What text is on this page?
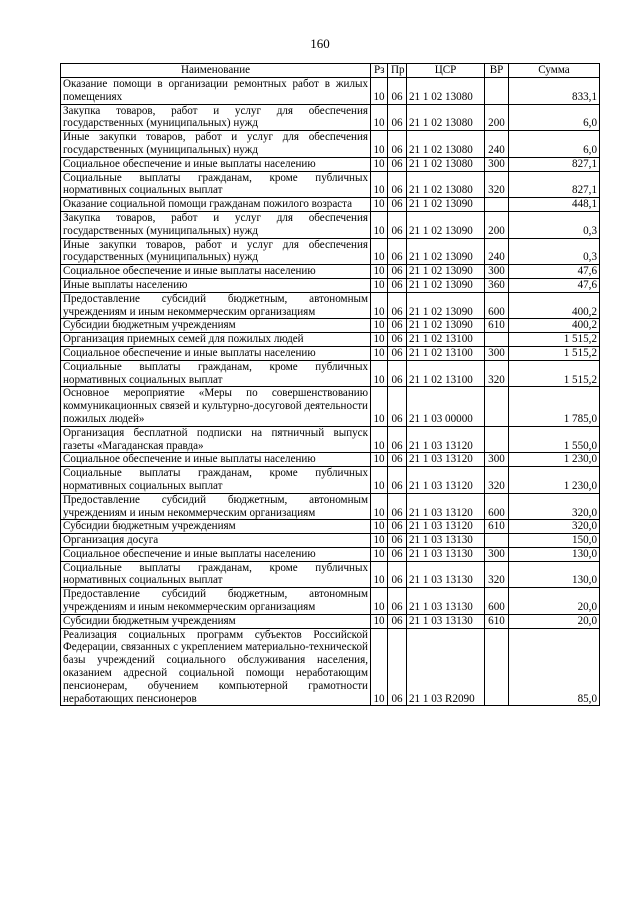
160
Наименование	Рз	Пр	ЦСР	ВР	Сумма
Оказание помощи в организации ремонтных работ в жилых помещениях	10	06	21 1 02 13080		833,1
Закупка товаров, работ и услуг для обеспечения государственных (муниципальных) нужд	10	06	21 1 02 13080	200	6,0
Иные закупки товаров, работ и услуг для обеспечения государственных (муниципальных) нужд	10	06	21 1 02 13080	240	6,0
Социальное обеспечение и иные выплаты населению	10	06	21 1 02 13080	300	827,1
Социальные выплаты гражданам, кроме публичных нормативных социальных выплат	10	06	21 1 02 13080	320	827,1
Оказание социальной помощи гражданам пожилого возраста	10	06	21 1 02 13090		448,1
Закупка товаров, работ и услуг для обеспечения государственных (муниципальных) нужд	10	06	21 1 02 13090	200	0,3
Иные закупки товаров, работ и услуг для обеспечения государственных (муниципальных) нужд	10	06	21 1 02 13090	240	0,3
Социальное обеспечение и иные выплаты населению	10	06	21 1 02 13090	300	47,6
Иные выплаты населению	10	06	21 1 02 13090	360	47,6
Предоставление субсидий бюджетным, автономным учреждениям и иным некоммерческим организациям	10	06	21 1 02 13090	600	400,2
Субсидии бюджетным учреждениям	10	06	21 1 02 13090	610	400,2
Организация приемных семей для пожилых людей	10	06	21 1 02 13100		1 515,2
Социальное обеспечение и иные выплаты населению	10	06	21 1 02 13100	300	1 515,2
Социальные выплаты гражданам, кроме публичных нормативных социальных выплат	10	06	21 1 02 13100	320	1 515,2
Основное мероприятие «Меры по совершенствованию коммуникационных связей и культурно-досуговой деятельности пожилых людей»	10	06	21 1 03 00000		1 785,0
Организация бесплатной подписки на пятничный выпуск газеты «Магаданская правда»	10	06	21 1 03 13120		1 550,0
Социальное обеспечение и иные выплаты населению	10	06	21 1 03 13120	300	1 230,0
Социальные выплаты гражданам, кроме публичных нормативных социальных выплат	10	06	21 1 03 13120	320	1 230,0
Предоставление субсидий бюджетным, автономным учреждениям и иным некоммерческим организациям	10	06	21 1 03 13120	600	320,0
Субсидии бюджетным учреждениям	10	06	21 1 03 13120	610	320,0
Организация досуга	10	06	21 1 03 13130		150,0
Социальное обеспечение и иные выплаты населению	10	06	21 1 03 13130	300	130,0
Социальные выплаты гражданам, кроме публичных нормативных социальных выплат	10	06	21 1 03 13130	320	130,0
Предоставление субсидий бюджетным, автономным учреждениям и иным некоммерческим организациям	10	06	21 1 03 13130	600	20,0
Субсидии бюджетным учреждениям	10	06	21 1 03 13130	610	20,0
Реализация социальных программ субъектов Российской Федерации, связанных с укреплением материально-технической базы учреждений социального обслуживания населения, оказанием адресной социальной помощи неработающим пенсионерам, обучением компьютерной грамотности неработающих пенсионеров	10	06	21 1 03 R2090		85,0
